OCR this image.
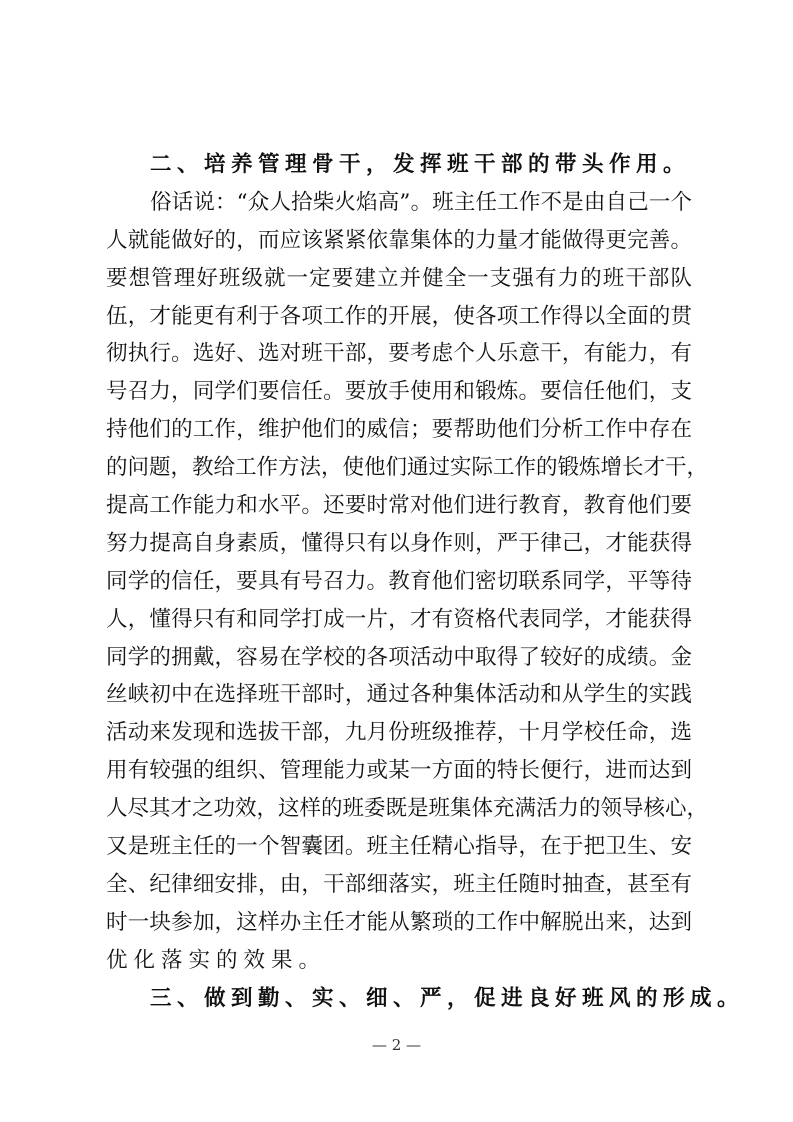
二、培养管理骨干，发挥班干部的带头作用。
俗话说：“众人拾柴火焰高”。班主任工作不是由自己一个
人就能做好的，而应该紧紧依靠集体的力量才能做得更完善。
要想管理好班级就一定要建立并健全一支强有力的班干部队
伍，才能更有利于各项工作的开展，使各项工作得以全面的贯
彻执行。选好、选对班干部，要考虑个人乐意干，有能力，有
号召力，同学们要信任。要放手使用和锻炼。要信任他们，支
持他们的工作，维护他们的威信；要帮助他们分析工作中存在
的问题，教给工作方法，使他们通过实际工作的锻炼增长才干，
提高工作能力和水平。还要时常对他们进行教育，教育他们要
努力提高自身素质，懂得只有以身作则，严于律己，才能获得
同学的信任，要具有号召力。教育他们密切联系同学，平等待
人，懂得只有和同学打成一片，才有资格代表同学，才能获得
同学的拥戴，容易在学校的各项活动中取得了较好的成绩。金
丝峡初中在选择班干部时，通过各种集体活动和从学生的实践
活动来发现和选拔干部，九月份班级推荐，十月学校任命，选
用有较强的组织、管理能力或某一方面的特长便行，进而达到
人尽其才之功效，这样的班委既是班集体充满活力的领导核心，
又是班主任的一个智囊团。班主任精心指导，在于把卫生、安
全、纪律细安排，由，干部细落实，班主任随时抽查，甚至有
时一块参加，这样办主任才能从繁琐的工作中解脱出来，达到
优化落实的效果。
三、做到勤、实、细、严，促进良好班风的形成。
— 2 —
